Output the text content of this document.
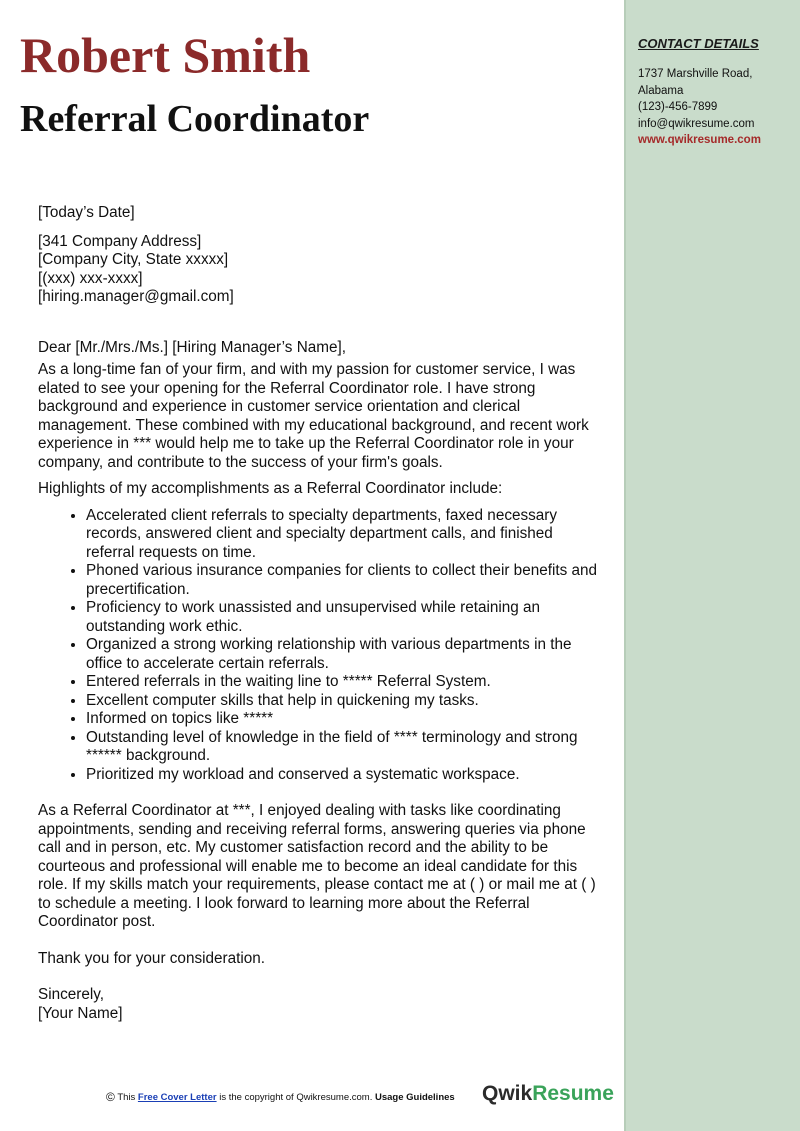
Robert Smith
Referral Coordinator
CONTACT DETAILS
1737 Marshville Road,
Alabama
(123)-456-7899
info@qwikresume.com
www.qwikresume.com

[Today’s Date]

[341 Company Address]

[Company City, State xxxxx]

[(xxx) xxx-xxxx]

[hiring.manager@gmail.com]

Dear [Mr./Mrs./Ms.] [Hiring Manager’s Name],

As a long-time fan of your firm, and with my passion for customer service, I was elated to see your opening for the Referral Coordinator role. I have strong background and experience in customer service orientation and clerical management. These combined with my educational background, and recent work experience in *** would help me to take up the Referral Coordinator role in your company, and contribute to the success of your firm's goals.

Highlights of my accomplishments as a Referral Coordinator include:

• Accelerated client referrals to specialty departments, faxed necessary records, answered client and specialty department calls, and finished referral requests on time.
• Phoned various insurance companies for clients to collect their benefits and precertification.
• Proficiency to work unassisted and unsupervised while retaining an outstanding work ethic.
• Organized a strong working relationship with various departments in the office to accelerate certain referrals.
• Entered referrals in the waiting line to ***** Referral System.
• Excellent computer skills that help in quickening my tasks.
• Informed on topics like *****
• Outstanding level of knowledge in the field of **** terminology and strong ****** background.
• Prioritized my workload and conserved a systematic workspace.

As a Referral Coordinator at ***, I enjoyed dealing with tasks like coordinating appointments, sending and receiving referral forms, answering queries via phone call and in person, etc. My customer satisfaction record and the ability to be courteous and professional will enable me to become an ideal candidate for this role. If my skills match your requirements, please contact me at ( ) or mail me at ( ) to schedule a meeting. I look forward to learning more about the Referral Coordinator post.

Thank you for your consideration.

Sincerely,

[Your Name]

© This Free Cover Letter is the copyright of Qwikresume.com. Usage Guidelines QwikResume
